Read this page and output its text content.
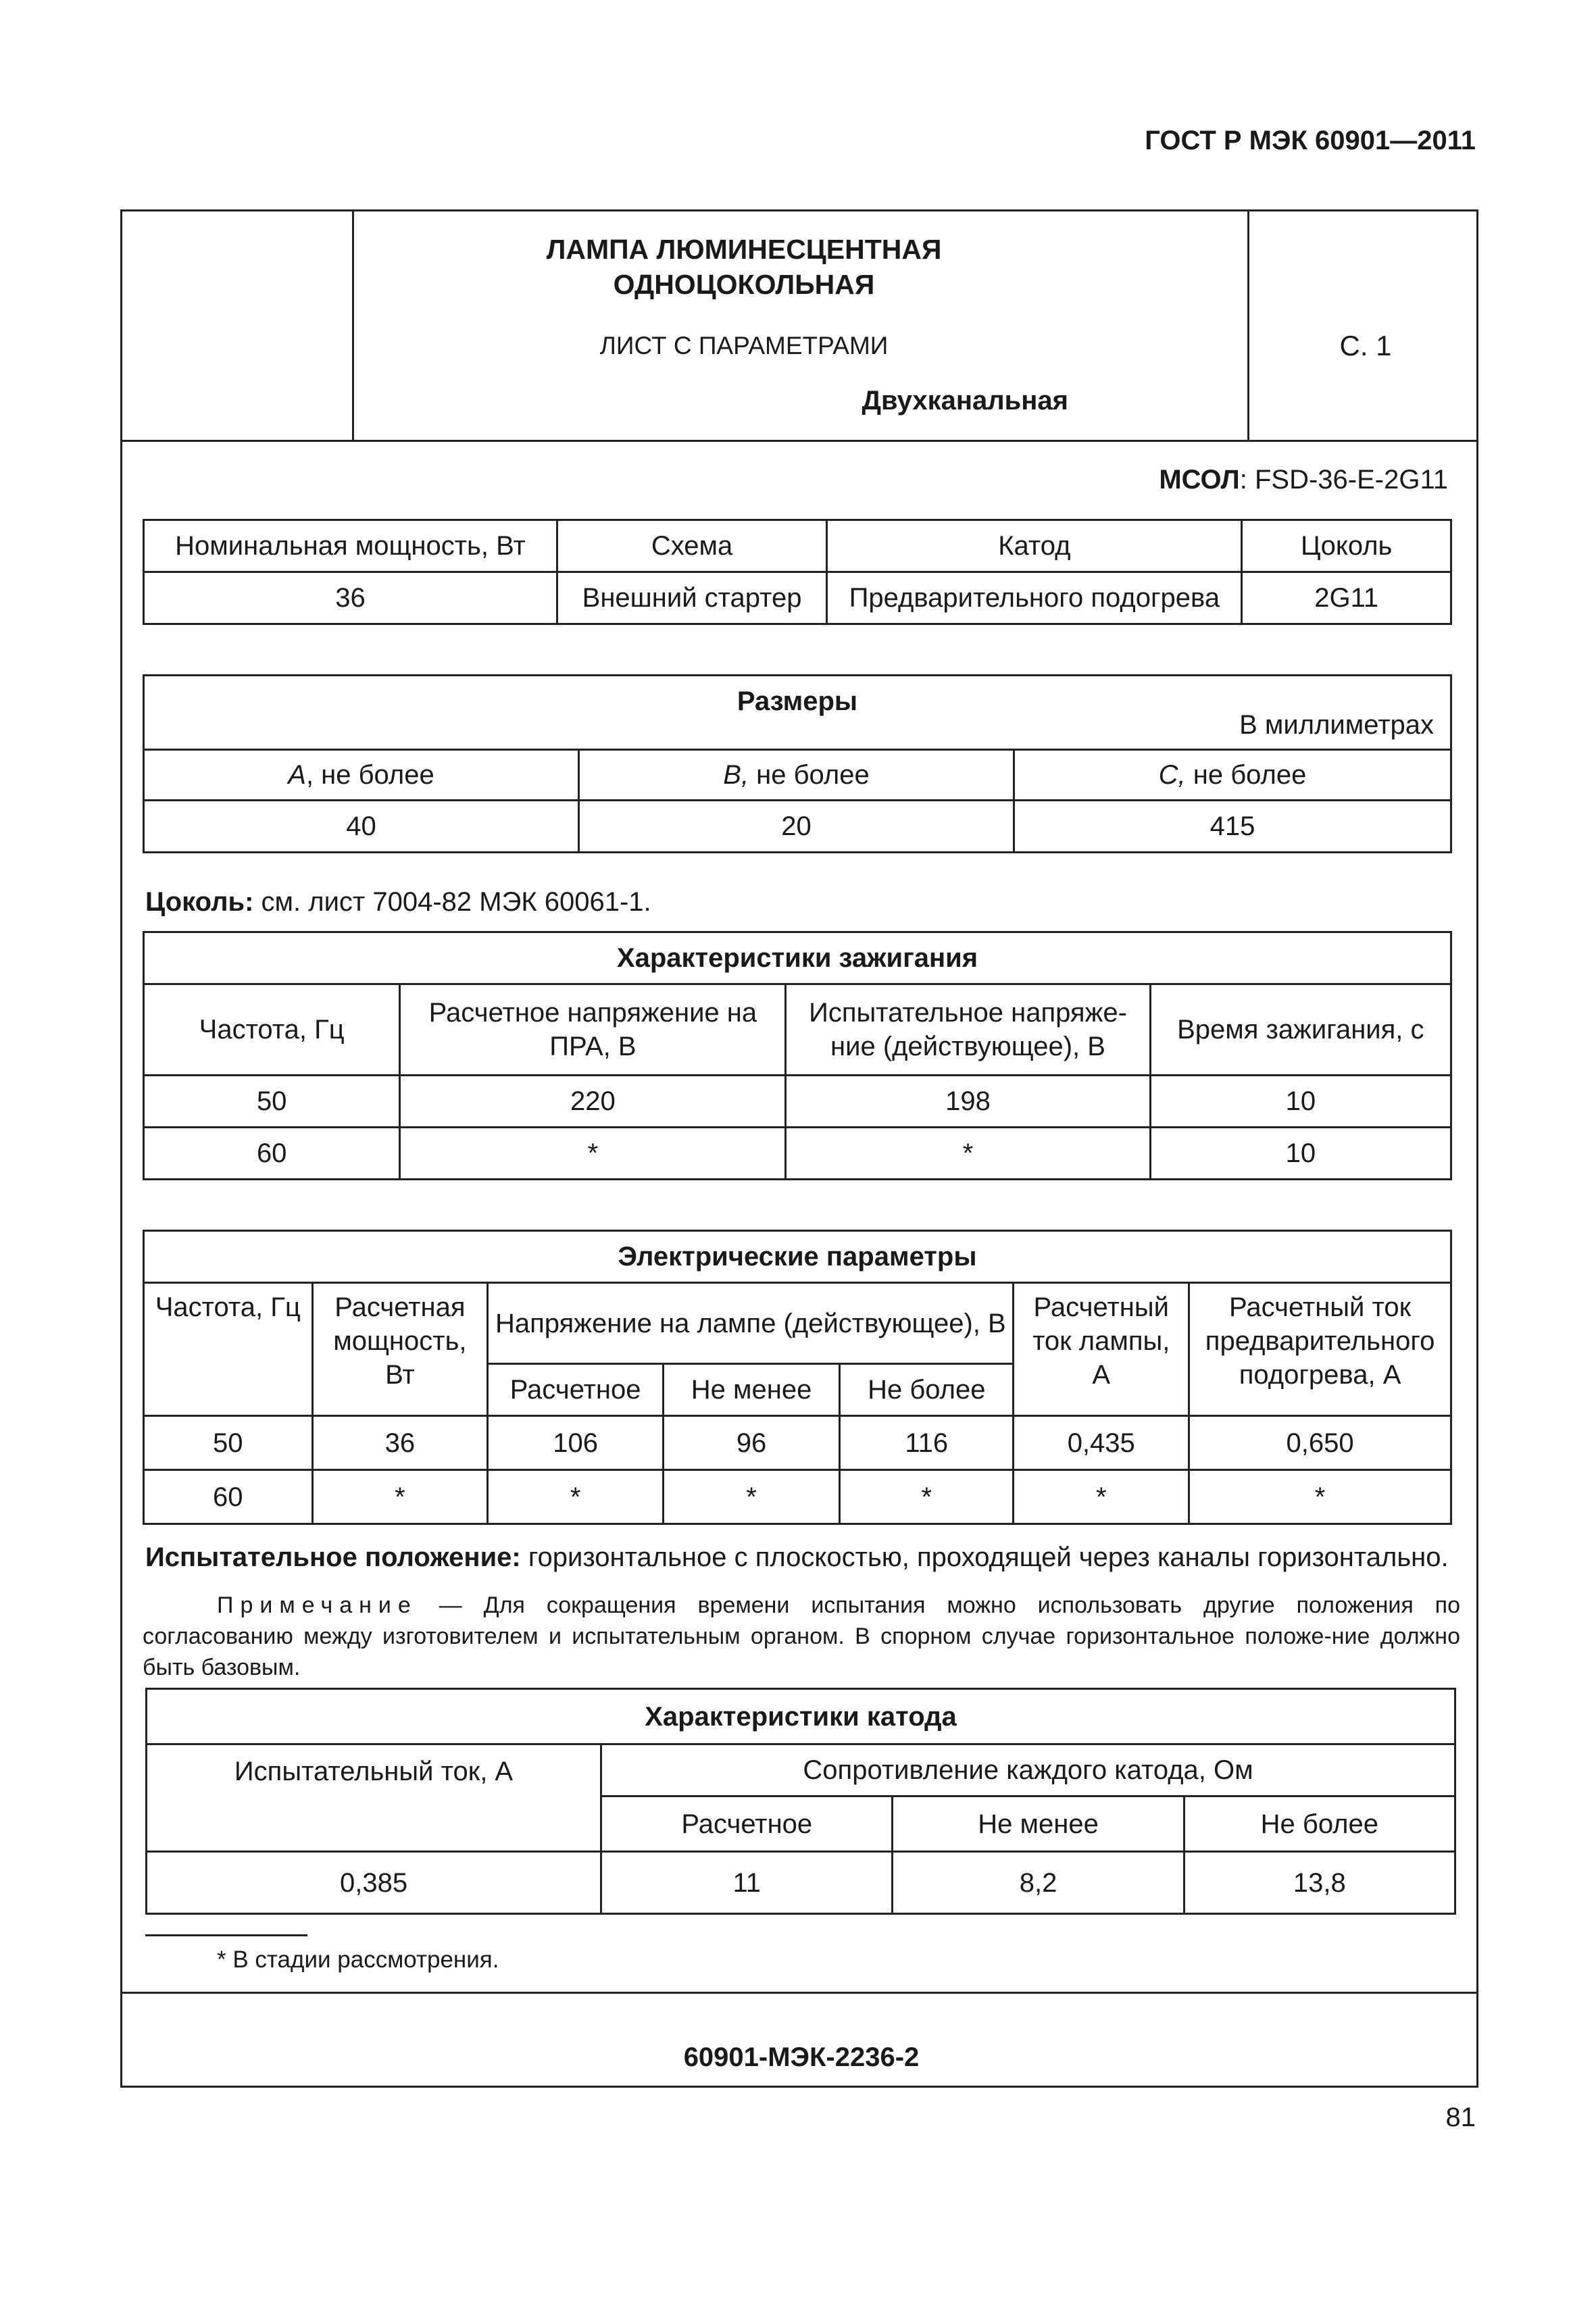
ГОСТ Р МЭК 60901—2011
ЛАМПА ЛЮМИНЕСЦЕНТНАЯ
ОДНОЦОКОЛЬНАЯ
ЛИСТ С ПАРАМЕТРАМИ
Двухканальная
С. 1
МСОЛ: FSD-36-E-2G11
Номинальная мощность, Вт	Схема	Катод	Цоколь
36	Внешний стартер	Предварительного подогрева	2G11
Размеры
В миллиметрах		

A, не более	B, не более	C, не более
40	20	415
Цоколь: см. лист 7004-82 МЭК 60061-1.
Характеристики зажигания			
Частота, Гц	Расчетное напряжение на ПРА, В	Испытательное напряже-ние (действующее), В	Время зажигания, с
50	220	198	10
60	*	*	10
Электрические параметры						
Частота, Гц	Расчетная мощность, Вт	Напряжение на лампе (действующее), В			Расчетный ток лампы, А	Расчетный ток предварительного подогрева, А
		Расчетное	Не менее	Не более		
50	36	106	96	116	0,435	0,650
60	*	*	*	*	*	*
Испытательное положение: горизонтальное с плоскостью, проходящей через каналы горизонтально.
Примечание — Для сокращения времени испытания можно использовать другие положения по согласованию между изготовителем и испытательным органом. В спорном случае горизонтальное положе-ние должно быть базовым.
Характеристики катода			
Испытательный ток, А	Сопротивление каждого катода, Ом		
	Расчетное	Не менее	Не более
0,385	11	8,2	13,8
* В стадии рассмотрения.
60901-МЭК-2236-2
81
